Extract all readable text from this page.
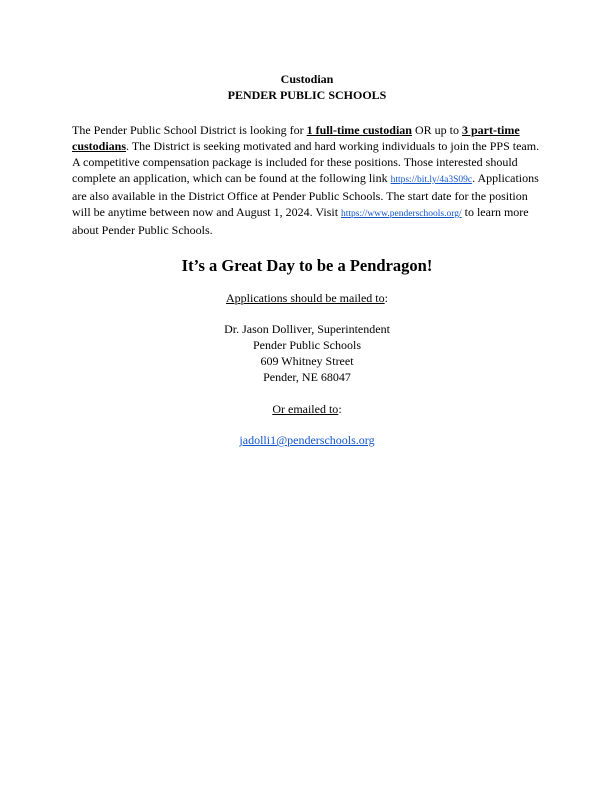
Custodian

PENDER PUBLIC SCHOOLS

The Pender Public School District is looking for 1 full-time custodian OR up to 3 part-time custodians. The District is seeking motivated and hard working individuals to join the PPS team. A competitive compensation package is included for these positions. Those interested should complete an application, which can be found at the following link https://bit.ly/4a3S09c. Applications are also available in the District Office at Pender Public Schools. The start date for the position will be anytime between now and August 1, 2024. Visit https://www.penderschools.org/ to learn more about Pender Public Schools.

It’s a Great Day to be a Pendragon!

Applications should be mailed to:

Dr. Jason Dolliver, Superintendent

Pender Public Schools

609 Whitney Street

Pender, NE 68047

Or emailed to:

jadolli1@penderschools.org
